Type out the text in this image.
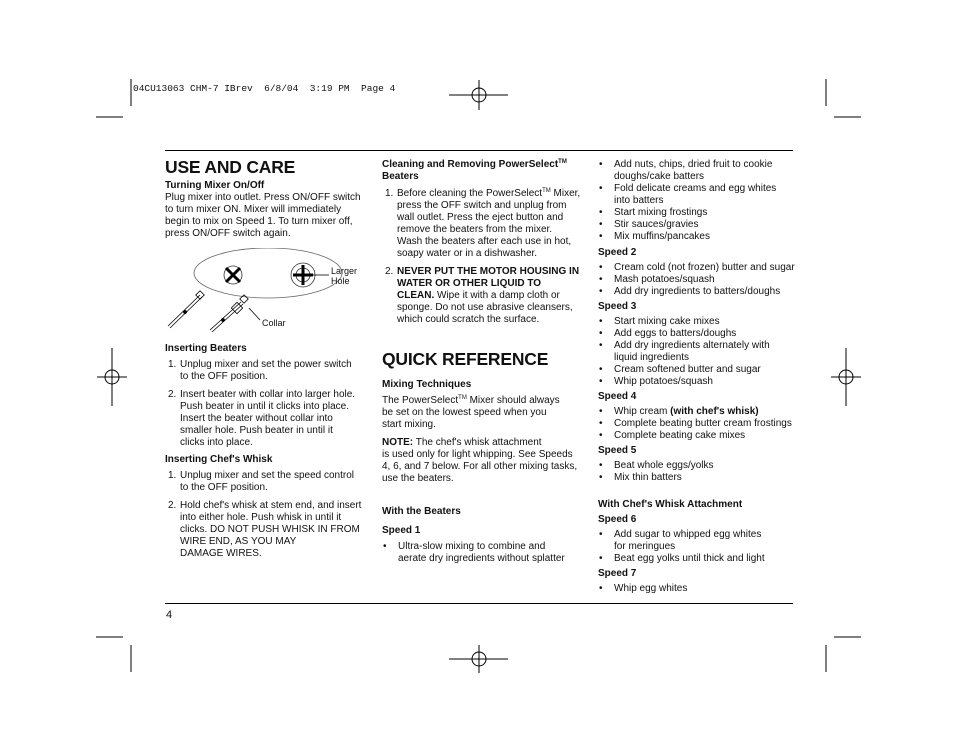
04CU13063 CHM-7 IBrev  6/8/04  3:19 PM  Page 4
USE AND CARE
Turning Mixer On/Off
Plug mixer into outlet. Press ON/OFF switch to turn mixer ON. Mixer will immediately begin to mix on Speed 1. To turn mixer off, press ON/OFF switch again.
Larger
Hole
Collar
Inserting Beaters
1. Unplug mixer and set the power switch
to the OFF position.
2. Insert beater with collar into larger hole.
Push beater in until it clicks into place.
Insert the beater without collar into
smaller hole. Push beater in until it
clicks into place.
Inserting Chef's Whisk
1. Unplug mixer and set the speed control
to the OFF position.
2. Hold chef's whisk at stem end, and insert
into either hole. Push whisk in until it
clicks. DO NOT PUSH WHISK IN FROM
WIRE END, AS YOU MAY
DAMAGE WIRES.
Cleaning and Removing PowerSelect™
Beaters
1. Before cleaning the PowerSelect™ Mixer,
press the OFF switch and unplug from
wall outlet. Press the eject button and
remove the beaters from the mixer.
Wash the beaters after each use in hot,
soapy water or in a dishwasher.
2. NEVER PUT THE MOTOR HOUSING IN
WATER OR OTHER LIQUID TO
CLEAN. Wipe it with a damp cloth or
sponge. Do not use abrasive cleansers,
which could scratch the surface.
QUICK REFERENCE
Mixing Techniques
The PowerSelect™ Mixer should always
be set on the lowest speed when you
start mixing.
NOTE: The chef's whisk attachment
is used only for light whipping. See Speeds
4, 6, and 7 below. For all other mixing tasks,
use the beaters.
With the Beaters
Speed 1
• Ultra-slow mixing to combine and
aerate dry ingredients without splatter
• Add nuts, chips, dried fruit to cookie
doughs/cake batters
• Fold delicate creams and egg whites
into batters
• Start mixing frostings
• Stir sauces/gravies
• Mix muffins/pancakes
Speed 2
• Cream cold (not frozen) butter and sugar
• Mash potatoes/squash
• Add dry ingredients to batters/doughs
Speed 3
• Start mixing cake mixes
• Add eggs to batters/doughs
• Add dry ingredients alternately with
liquid ingredients
• Cream softened butter and sugar
• Whip potatoes/squash
Speed 4
• Whip cream (with chef's whisk)
• Complete beating butter cream frostings
• Complete beating cake mixes
Speed 5
• Beat whole eggs/yolks
• Mix thin batters
With Chef's Whisk Attachment
Speed 6
• Add sugar to whipped egg whites
for meringues
• Beat egg yolks until thick and light
Speed 7
• Whip egg whites
4
